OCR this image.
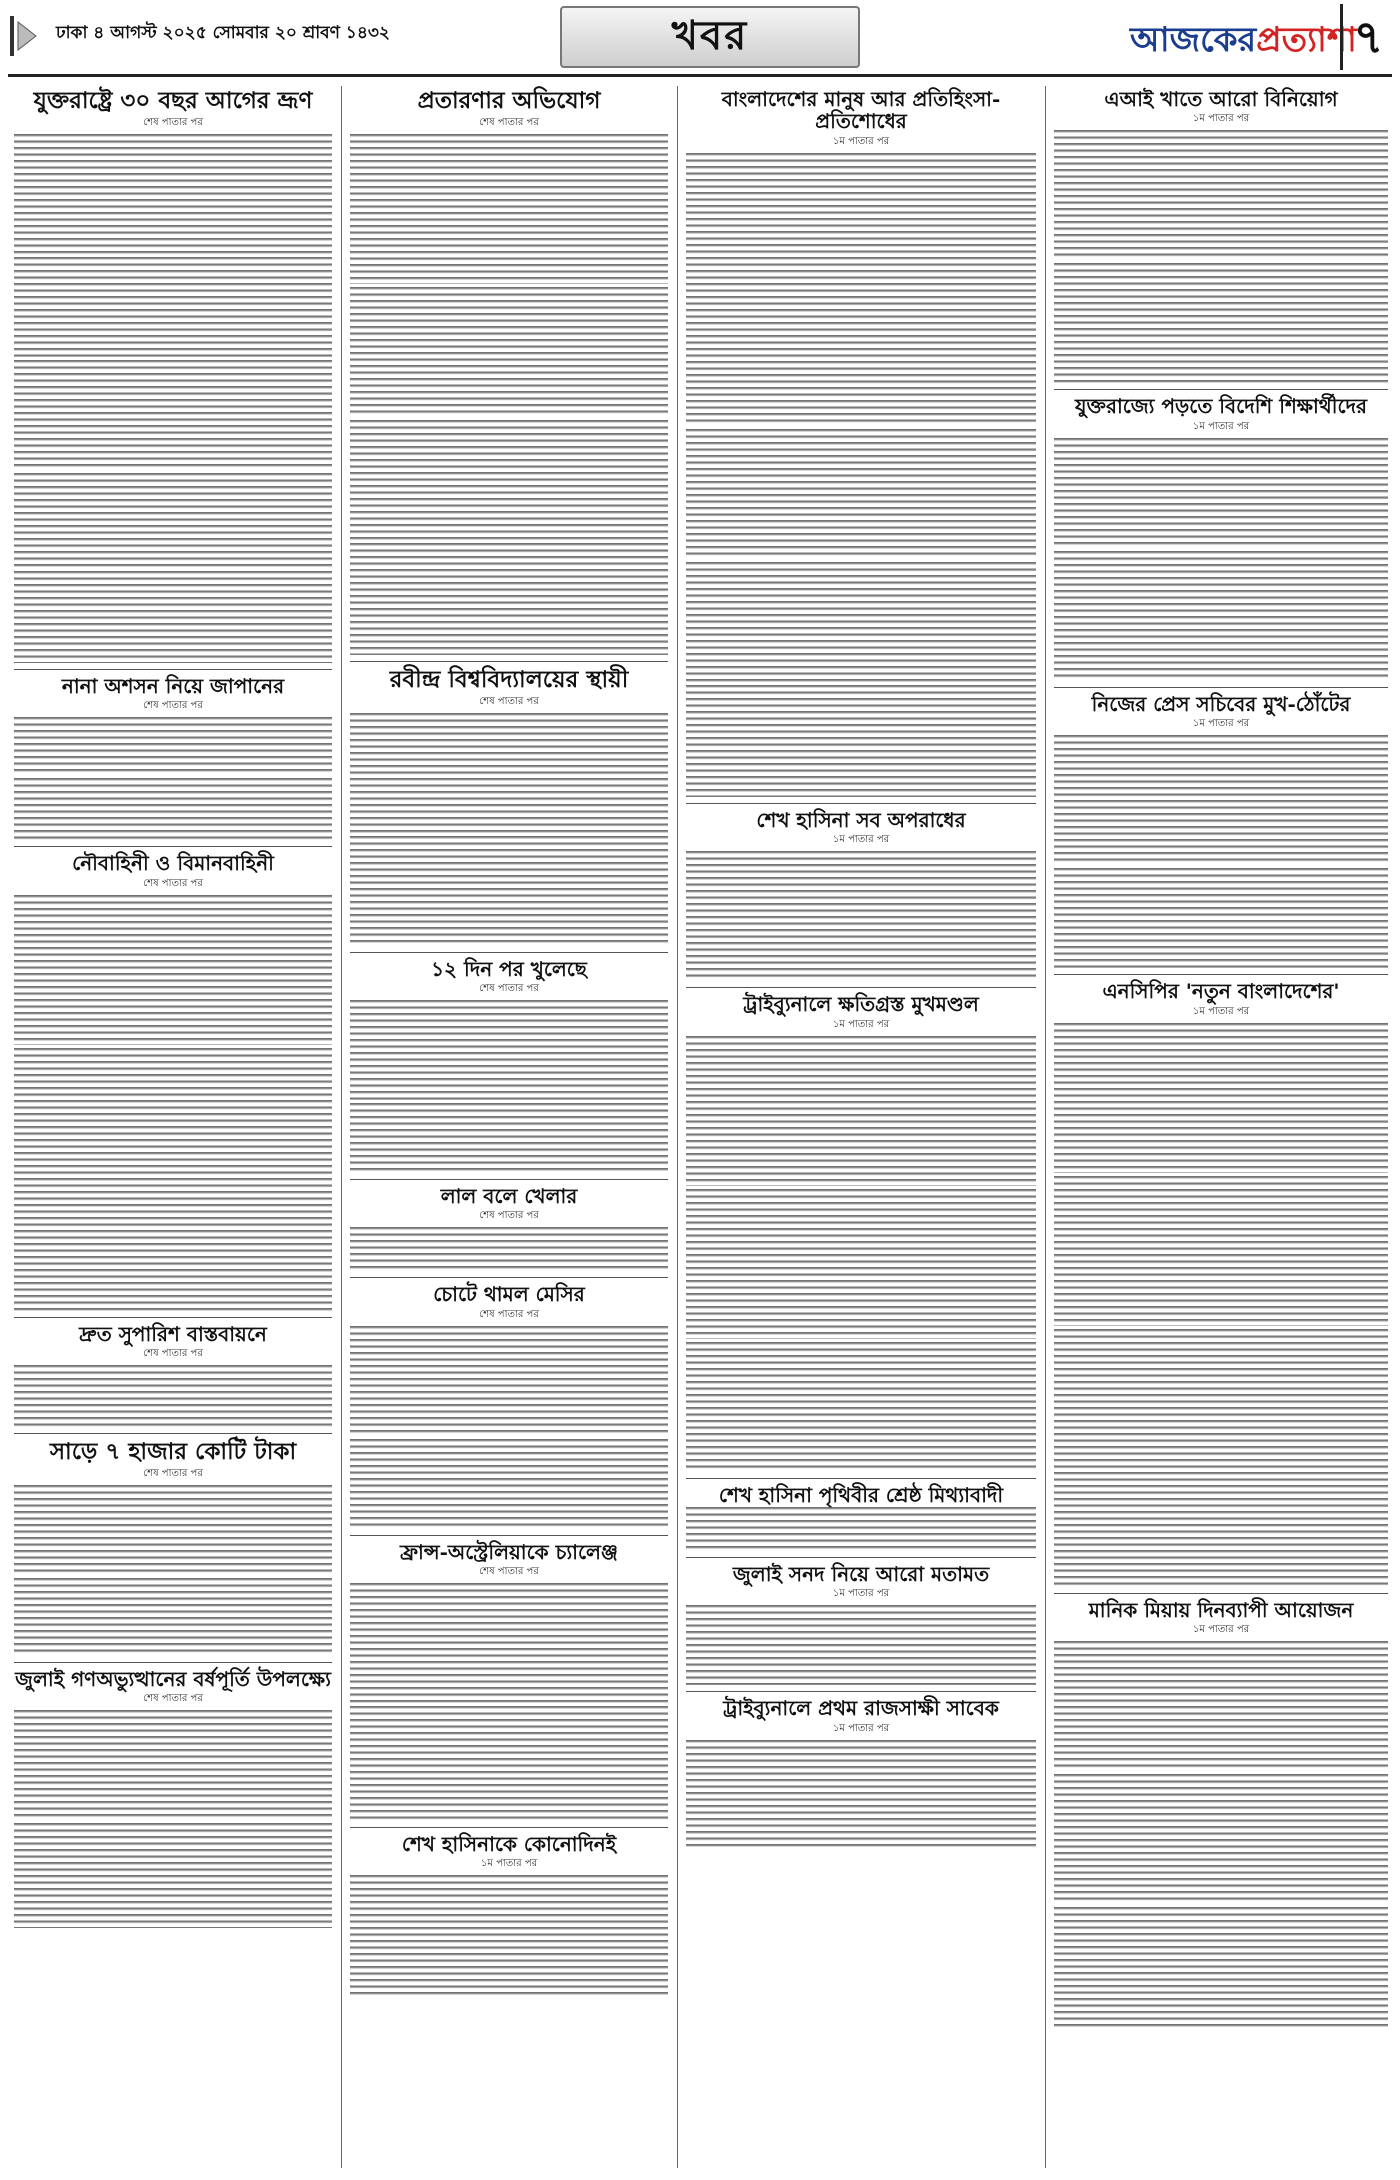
ঢাকা ৪ আগস্ট ২০২৫ সোমবার ২০ শ্রাবণ ১৪৩২	খবর	আজকেরপ্রত্যাশা
৭
যুক্তরাষ্ট্রে ৩০ বছর আগের ভ্রূণ
শেষ পাতার পর
নানা অশসন নিয়ে জাপানের
শেষ পাতার পর
নৌবাহিনী ও বিমানবাহিনী
শেষ পাতার পর
দ্রুত সুপারিশ বাস্তবায়নে
শেষ পাতার পর
সাড়ে ৭ হাজার কোটি টাকা
শেষ পাতার পর
জুলাই গণঅভ্যুত্থানের বর্ষপূর্তি উপলক্ষ্যে
শেষ পাতার পর
প্রতারণার অভিযোগ
শেষ পাতার পর
রবীন্দ্র বিশ্ববিদ্যালয়ের স্থায়ী
শেষ পাতার পর
১২ দিন পর খুলেছে
শেষ পাতার পর
লাল বলে খেলার
শেষ পাতার পর
চোটে থামল মেসির
শেষ পাতার পর
ফ্রান্স-অস্ট্রেলিয়াকে চ্যালেঞ্জ
শেষ পাতার পর
শেখ হাসিনাকে কোনোদিনই
১ম পাতার পর
বাংলাদেশের মানুষ আর প্রতিহিংসা-প্রতিশোধের
১ম পাতার পর
শেখ হাসিনা সব অপরাধের
১ম পাতার পর
ট্রাইব্যুনালে ক্ষতিগ্রস্ত মুখমণ্ডল
১ম পাতার পর
শেখ হাসিনা পৃথিবীর শ্রেষ্ঠ মিথ্যাবাদী
জুলাই সনদ নিয়ে আরো মতামত
১ম পাতার পর
ট্রাইব্যুনালে প্রথম রাজসাক্ষী সাবেক
১ম পাতার পর
এআই খাতে আরো বিনিয়োগ
১ম পাতার পর
যুক্তরাজ্যে পড়তে বিদেশি শিক্ষার্থীদের
১ম পাতার পর
নিজের প্রেস সচিবের মুখ-ঠোঁটের
১ম পাতার পর
এনসিপির 'নতুন বাংলাদেশের'
১ম পাতার পর
মানিক মিয়ায় দিনব্যাপী আয়োজন
১ম পাতার পর
